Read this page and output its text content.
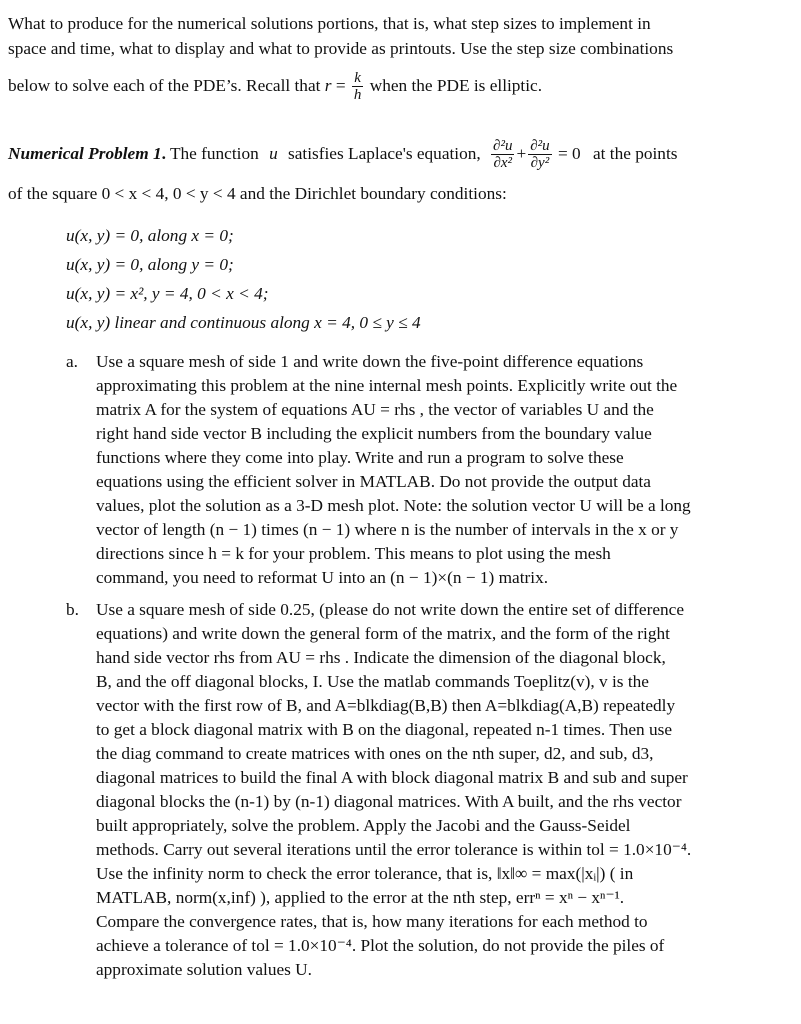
What to produce for the numerical solutions portions, that is, what step sizes to implement in
space and time, what to display and what to provide as printouts. Use the step size combinations
below to solve each of the PDE’s. Recall that $r = \frac{k}{h}$ when the PDE is elliptic.
Numerical Problem 1. The function u satisfies Laplace's equation, $\frac{\text{∂²u}}{\text{∂x²}} + \frac{\text{∂²u}}{\text{∂y²}} = 0$ at the points
of the square 0 < x < 4, 0 < y < 4 and the Dirichlet boundary conditions:
u(x, y) = 0, along x = 0;
u(x, y) = 0, along y = 0;
u(x, y) = x², y = 4, 0 < x < 4;
u(x, y) linear and continuous along x = 4, 0 ≤ y ≤ 4
a. Use a square mesh of side 1 and write down the five-point difference equations
approximating this problem at the nine internal mesh points. Explicitly write out the
matrix A for the system of equations AU = rhs , the vector of variables U and the
right hand side vector B including the explicit numbers from the boundary value
functions where they come into play. Write and run a program to solve these
equations using the efficient solver in MATLAB. Do not provide the output data
values, plot the solution as a 3-D mesh plot. Note: the solution vector U will be a long
vector of length (n − 1) times (n − 1) where n is the number of intervals in the x or y
directions since h = k for your problem. This means to plot using the mesh
command, you need to reformat U into an (n − 1)×(n − 1) matrix.
b. Use a square mesh of side 0.25, (please do not write down the entire set of difference
equations) and write down the general form of the matrix, and the form of the right
hand side vector rhs from AU = rhs . Indicate the dimension of the diagonal block,
B, and the off diagonal blocks, I. Use the matlab commands Toeplitz(v), v is the
vector with the first row of B, and A=blkdiag(B,B) then A=blkdiag(A,B) repeatedly
to get a block diagonal matrix with B on the diagonal, repeated n-1 times. Then use
the diag command to create matrices with ones on the nth super, d2, and sub, d3,
diagonal matrices to build the final A with block diagonal matrix B and sub and super
diagonal blocks the (n-1) by (n-1) diagonal matrices. With A built, and the rhs vector
built appropriately, solve the problem. Apply the Jacobi and the Gauss-Seidel
methods. Carry out several iterations until the error tolerance is within tol = 1.0×10⁻⁴.
Use the infinity norm to check the error tolerance, that is, ‖x‖∞ = max(|xᵢ|) ( in
MATLAB, norm(x,inf) ), applied to the error at the nth step, errⁿ = xⁿ − xⁿ⁻¹.
Compare the convergence rates, that is, how many iterations for each method to
achieve a tolerance of tol = 1.0×10⁻⁴. Plot the solution, do not provide the piles of
approximate solution values U.
